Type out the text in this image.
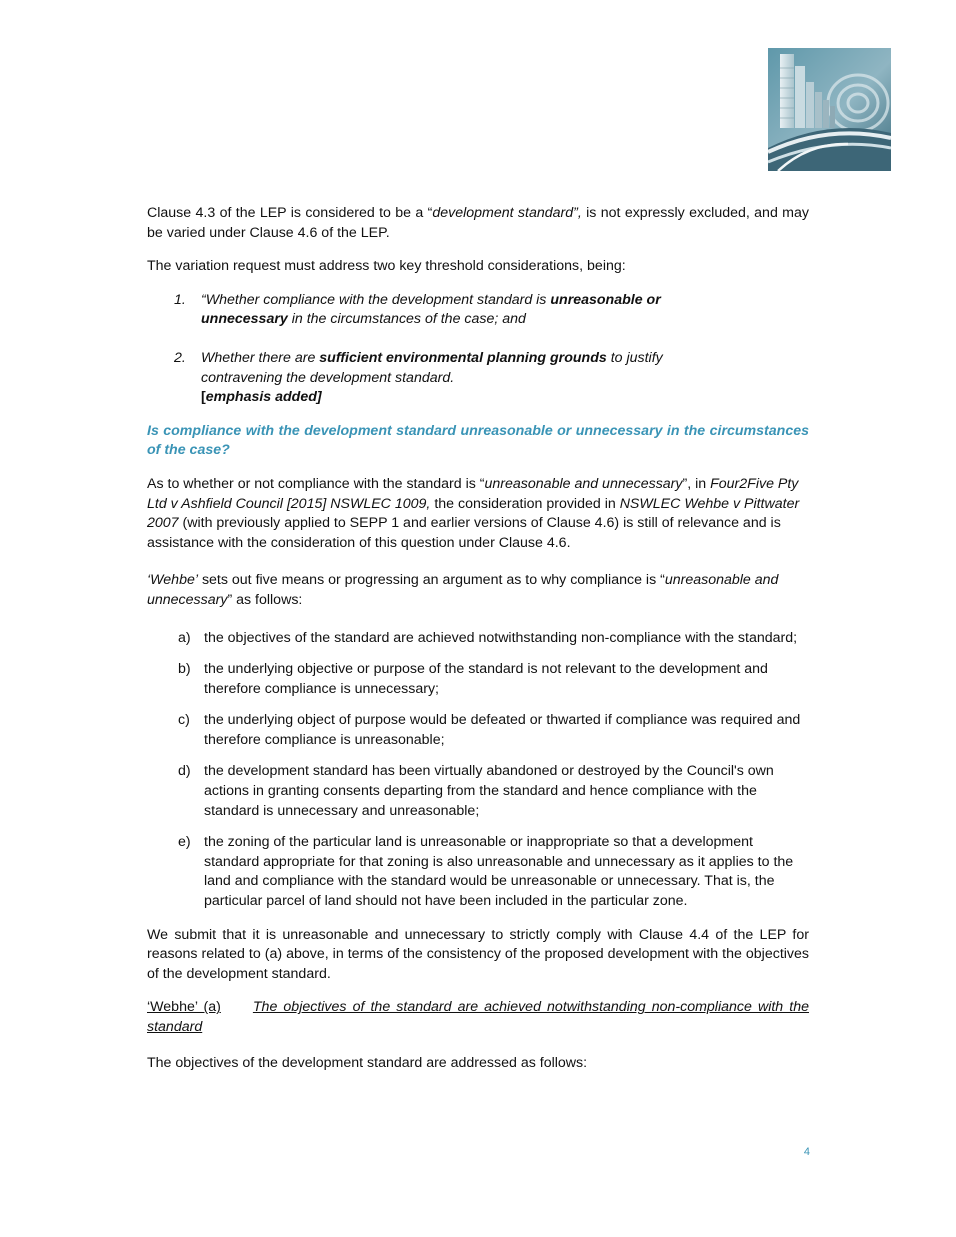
Clause 4.3 of the LEP is considered to be a “development standard”, is not expressly excluded, and may be varied under Clause 4.6 of the LEP.

The variation request must address two key threshold considerations, being:

1. “Whether compliance with the development standard is unreasonable or unnecessary in the circumstances of the case; and
2. Whether there are sufficient environmental planning grounds to justify contravening the development standard.
[emphasis added]

Is compliance with the development standard unreasonable or unnecessary in the circumstances of the case?

As to whether or not compliance with the standard is “unreasonable and unnecessary”, in Four2Five Pty Ltd v Ashfield Council [2015] NSWLEC 1009, the consideration provided in NSWLEC Wehbe v Pittwater 2007 (with previously applied to SEPP 1 and earlier versions of Clause 4.6) is still of relevance and is assistance with the consideration of this question under Clause 4.6.

‘Wehbe’ sets out five means or progressing an argument as to why compliance is “unreasonable and unnecessary” as follows:

a) the objectives of the standard are achieved notwithstanding non-compliance with the standard;
b) the underlying objective or purpose of the standard is not relevant to the development and therefore compliance is unnecessary;
c) the underlying object of purpose would be defeated or thwarted if compliance was required and therefore compliance is unreasonable;
d) the development standard has been virtually abandoned or destroyed by the Council's own actions in granting consents departing from the standard and hence compliance with the standard is unnecessary and unreasonable;
e) the zoning of the particular land is unreasonable or inappropriate so that a development standard appropriate for that zoning is also unreasonable and unnecessary as it applies to the land and compliance with the standard would be unreasonable or unnecessary. That is, the particular parcel of land should not have been included in the particular zone.

We submit that it is unreasonable and unnecessary to strictly comply with Clause 4.4 of the LEP for reasons related to (a) above, in terms of the consistency of the proposed development with the objectives of the development standard.

‘Webhe’ (a) The objectives of the standard are achieved notwithstanding non-compliance with the standard

The objectives of the development standard are addressed as follows:

4
